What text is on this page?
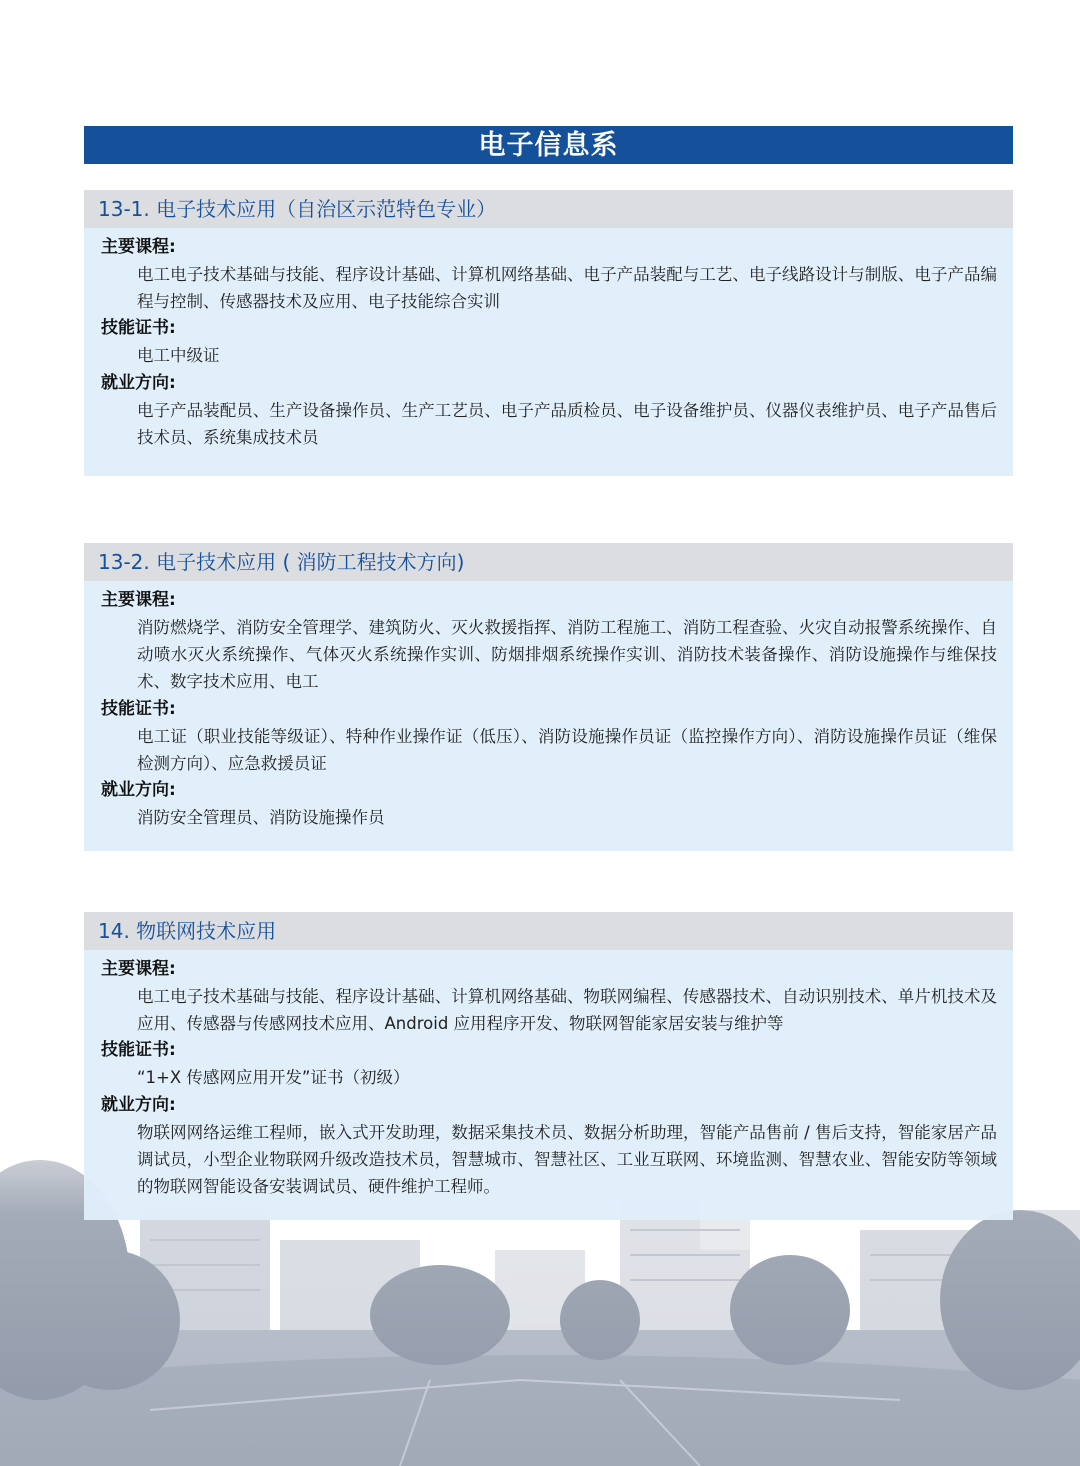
电子信息系
13-1. 电子技术应用（自治区示范特色专业）
主要课程:
电工电子技术基础与技能、程序设计基础、计算机网络基础、电子产品装配与工艺、电子线路设计与制版、电子产品编程与控制、传感器技术及应用、电子技能综合实训
技能证书:
电工中级证
就业方向:
电子产品装配员、生产设备操作员、生产工艺员、电子产品质检员、电子设备维护员、仪器仪表维护员、电子产品售后技术员、系统集成技术员
13-2. 电子技术应用 ( 消防工程技术方向)
主要课程:
消防燃烧学、消防安全管理学、建筑防火、灭火救援指挥、消防工程施工、消防工程查验、火灾自动报警系统操作、自动喷水灭火系统操作、气体灭火系统操作实训、防烟排烟系统操作实训、消防技术装备操作、消防设施操作与维保技术、数字技术应用、电工
技能证书:
电工证（职业技能等级证）、特种作业操作证（低压）、消防设施操作员证（监控操作方向）、消防设施操作员证（维保检测方向）、应急救援员证
就业方向:
消防安全管理员、消防设施操作员
14. 物联网技术应用
主要课程:
电工电子技术基础与技能、程序设计基础、计算机网络基础、物联网编程、传感器技术、自动识别技术、单片机技术及应用、传感器与传感网技术应用、Android 应用程序开发、物联网智能家居安装与维护等
技能证书:
“1+X 传感网应用开发”证书（初级）
就业方向:
物联网网络运维工程师，嵌入式开发助理，数据采集技术员、数据分析助理，智能产品售前 / 售后支持，智能家居产品调试员，小型企业物联网升级改造技术员，智慧城市、智慧社区、工业互联网、环境监测、智慧农业、智能安防等领域的物联网智能设备安装调试员、硬件维护工程师。
